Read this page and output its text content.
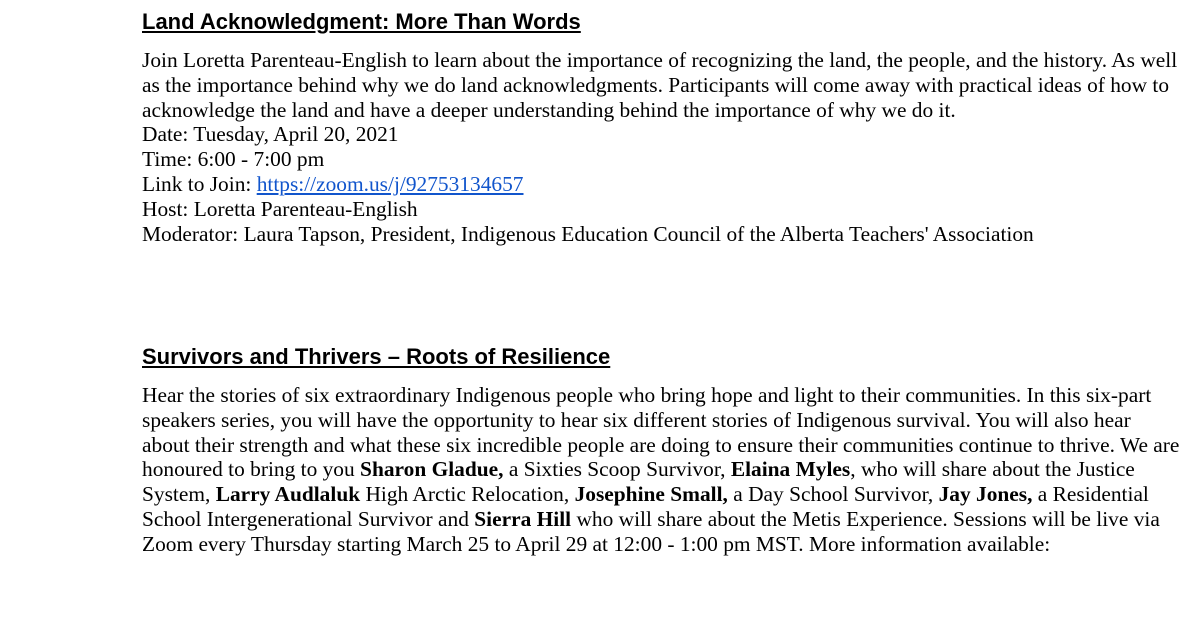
Land Acknowledgment: More Than Words

Join Loretta Parenteau-English to learn about the importance of recognizing the land, the people, and the history. As well as the importance behind why we do land acknowledgments. Participants will come away with practical ideas of how to acknowledge the land and have a deeper understanding behind the importance of why we do it.

Date: Tuesday, April 20, 2021

Time: 6:00 - 7:00 pm

Link to Join: https://zoom.us/j/92753134657

Host: Loretta Parenteau-English

Moderator: Laura Tapson, President, Indigenous Education Council of the Alberta Teachers' Association

Survivors and Thrivers – Roots of Resilience

Hear the stories of six extraordinary Indigenous people who bring hope and light to their communities. In this six-part speakers series, you will have the opportunity to hear six different stories of Indigenous survival. You will also hear about their strength and what these six incredible people are doing to ensure their communities continue to thrive. We are honoured to bring to you Sharon Gladue, a Sixties Scoop Survivor, Elaina Myles, who will share about the Justice System, Larry Audlaluk High Arctic Relocation, Josephine Small, a Day School Survivor, Jay Jones, a Residential School Intergenerational Survivor and Sierra Hill who will share about the Metis Experience. Sessions will be live via Zoom every Thursday starting March 25 to April 29 at 12:00 - 1:00 pm MST. More information available:
